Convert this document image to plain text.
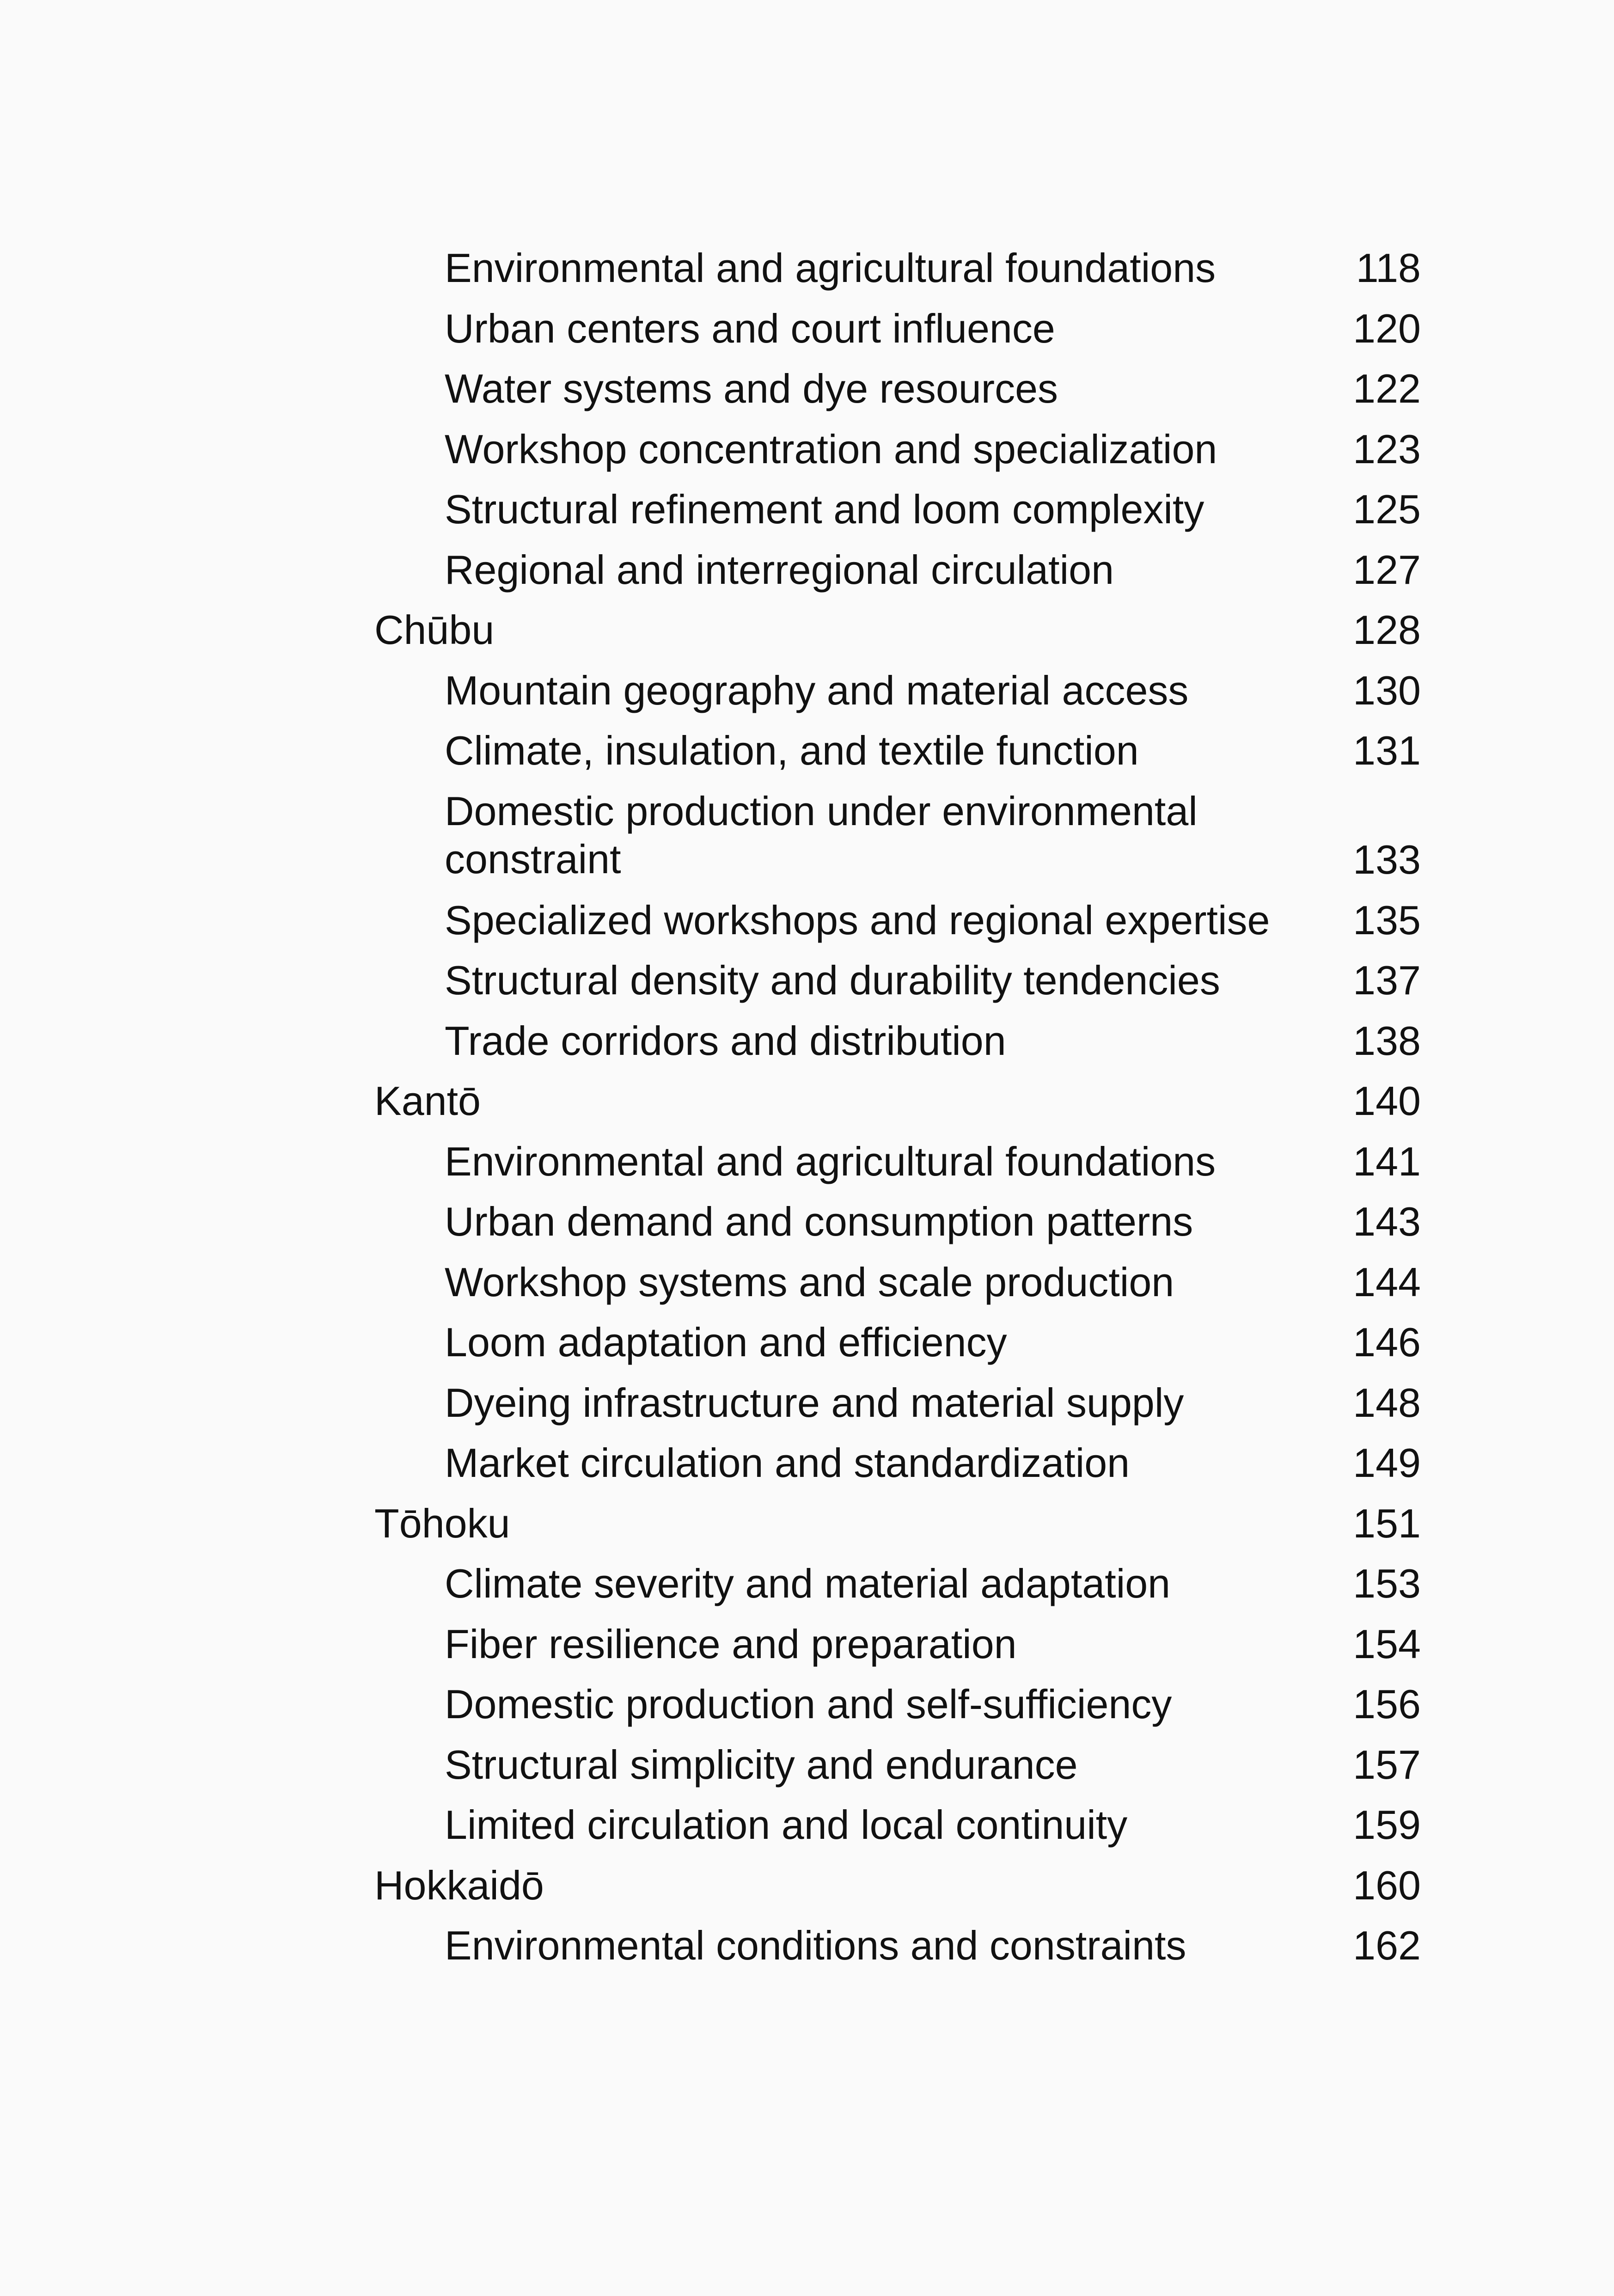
Environmental and agricultural foundations	118
Urban centers and court influence	120
Water systems and dye resources	122
Workshop concentration and specialization	123
Structural refinement and loom complexity	125
Regional and interregional circulation	127
Chūbu	128
Mountain geography and material access	130
Climate, insulation, and textile function	131
Domestic production under environmental
constraint	133
Specialized workshops and regional expertise	135
Structural density and durability tendencies	137
Trade corridors and distribution	138
Kantō	140
Environmental and agricultural foundations	141
Urban demand and consumption patterns	143
Workshop systems and scale production	144
Loom adaptation and efficiency	146
Dyeing infrastructure and material supply	148
Market circulation and standardization	149
Tōhoku	151
Climate severity and material adaptation	153
Fiber resilience and preparation	154
Domestic production and self-sufficiency	156
Structural simplicity and endurance	157
Limited circulation and local continuity	159
Hokkaidō	160
Environmental conditions and constraints	162
